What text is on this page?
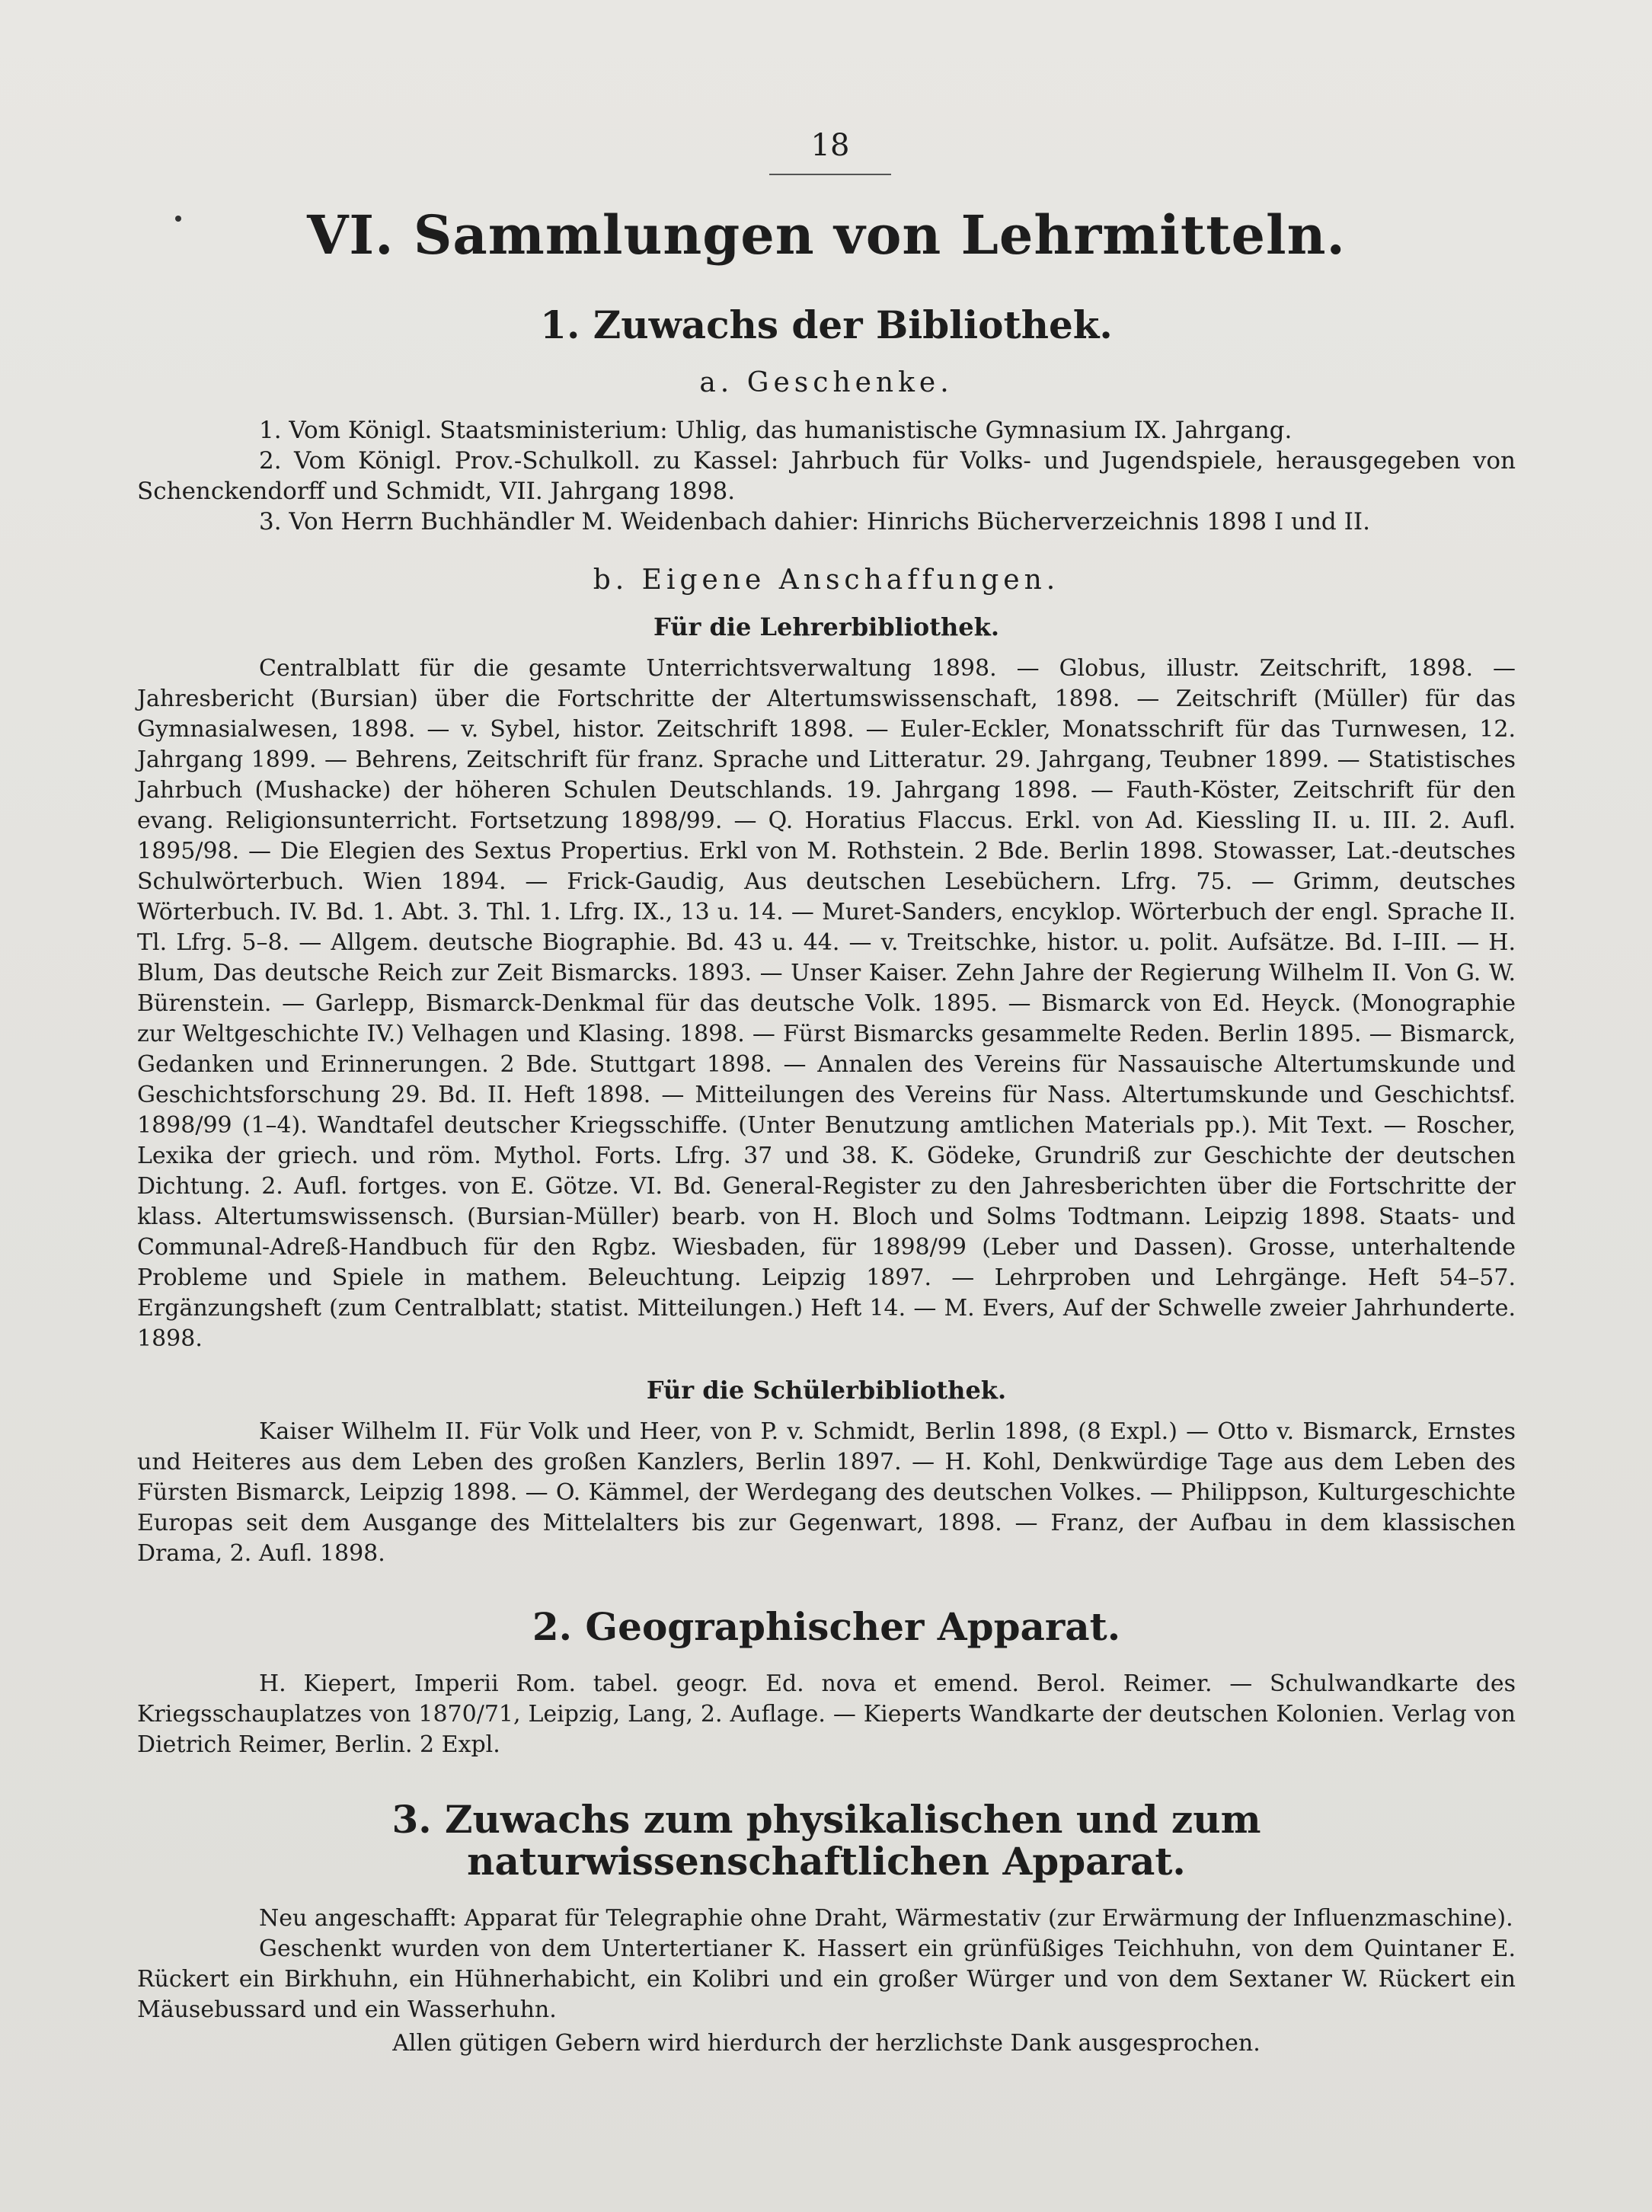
18
VI. Sammlungen von Lehrmitteln.
1. Zuwachs der Bibliothek.
a. Geschenke.
1. Vom Königl. Staatsministerium: Uhlig, das humanistische Gymnasium IX. Jahrgang.
2. Vom Königl. Prov.-Schulkoll. zu Kassel: Jahrbuch für Volks- und Jugendspiele, herausgegeben von Schenckendorff und Schmidt, VII. Jahrgang 1898.
3. Von Herrn Buchhändler M. Weidenbach dahier: Hinrichs Bücherverzeichnis 1898 I und II.
b. Eigene Anschaffungen.
Für die Lehrerbibliothek.

Centralblatt für die gesamte Unterrichtsverwaltung 1898. — Globus, illustr. Zeitschrift, 1898. — Jahresbericht (Bursian) über die Fortschritte der Altertumswissenschaft, 1898. — Zeitschrift (Müller) für das Gymnasialwesen, 1898. — v. Sybel, histor. Zeitschrift 1898. — Euler-Eckler, Monatsschrift für das Turnwesen, 12. Jahrgang 1899. — Behrens, Zeitschrift für franz. Sprache und Litteratur. 29. Jahrgang, Teubner 1899. — Statistisches Jahrbuch (Mushacke) der höheren Schulen Deutschlands. 19. Jahrgang 1898. — Fauth-Köster, Zeitschrift für den evang. Religionsunterricht. Fortsetzung 1898/99. — Q. Horatius Flaccus. Erkl. von Ad. Kiessling II. u. III. 2. Aufl. 1895/98. — Die Elegien des Sextus Propertius. Erkl von M. Rothstein. 2 Bde. Berlin 1898. Stowasser, Lat.-deutsches Schulwörterbuch. Wien 1894. — Frick-Gaudig, Aus deutschen Lesebüchern. Lfrg. 75. — Grimm, deutsches Wörterbuch. IV. Bd. 1. Abt. 3. Thl. 1. Lfrg. IX., 13 u. 14. — Muret-Sanders, encyklop. Wörterbuch der engl. Sprache II. Tl. Lfrg. 5–8. — Allgem. deutsche Biographie. Bd. 43 u. 44. — v. Treitschke, histor. u. polit. Aufsätze. Bd. I–III. — H. Blum, Das deutsche Reich zur Zeit Bismarcks. 1893. — Unser Kaiser. Zehn Jahre der Regierung Wilhelm II. Von G. W. Bürenstein. — Garlepp, Bismarck-Denkmal für das deutsche Volk. 1895. — Bismarck von Ed. Heyck. (Monographie zur Weltgeschichte IV.) Velhagen und Klasing. 1898. — Fürst Bismarcks gesammelte Reden. Berlin 1895. — Bismarck, Gedanken und Erinnerungen. 2 Bde. Stuttgart 1898. — Annalen des Vereins für Nassauische Altertumskunde und Geschichtsforschung 29. Bd. II. Heft 1898. — Mitteilungen des Vereins für Nass. Altertumskunde und Geschichtsf. 1898/99 (1–4). Wandtafel deutscher Kriegsschiffe. (Unter Benutzung amtlichen Materials pp.). Mit Text. — Roscher, Lexika der griech. und röm. Mythol. Forts. Lfrg. 37 und 38. K. Gödeke, Grundriß zur Geschichte der deutschen Dichtung. 2. Aufl. fortges. von E. Götze. VI. Bd. General-Register zu den Jahresberichten über die Fortschritte der klass. Altertumswissensch. (Bursian-Müller) bearb. von H. Bloch und Solms Todtmann. Leipzig 1898. Staats- und Communal-Adreß-Handbuch für den Rgbz. Wiesbaden, für 1898/99 (Leber und Dassen). Grosse, unterhaltende Probleme und Spiele in mathem. Beleuchtung. Leipzig 1897. — Lehrproben und Lehrgänge. Heft 54–57. Ergänzungsheft (zum Centralblatt; statist. Mitteilungen.) Heft 14. — M. Evers, Auf der Schwelle zweier Jahrhunderte. 1898.

Für die Schülerbibliothek.

Kaiser Wilhelm II. Für Volk und Heer, von P. v. Schmidt, Berlin 1898, (8 Expl.) — Otto v. Bismarck, Ernstes und Heiteres aus dem Leben des großen Kanzlers, Berlin 1897. — H. Kohl, Denkwürdige Tage aus dem Leben des Fürsten Bismarck, Leipzig 1898. — O. Kämmel, der Werdegang des deutschen Volkes. — Philippson, Kulturgeschichte Europas seit dem Ausgange des Mittelalters bis zur Gegenwart, 1898. — Franz, der Aufbau in dem klassischen Drama, 2. Aufl. 1898.

2. Geographischer Apparat.

H. Kiepert, Imperii Rom. tabel. geogr. Ed. nova et emend. Berol. Reimer. — Schulwandkarte des Kriegsschauplatzes von 1870/71, Leipzig, Lang, 2. Auflage. — Kieperts Wandkarte der deutschen Kolonien. Verlag von Dietrich Reimer, Berlin. 2 Expl.

3. Zuwachs zum physikalischen und zum naturwissenschaftlichen Apparat.

Neu angeschafft: Apparat für Telegraphie ohne Draht, Wärmestativ (zur Erwärmung der Influenzmaschine).

Geschenkt wurden von dem Untertertianer K. Hassert ein grünfüßiges Teichhuhn, von dem Quintaner E. Rückert ein Birkhuhn, ein Hühnerhabicht, ein Kolibri und ein großer Würger und von dem Sextaner W. Rückert ein Mäusebussard und ein Wasserhuhn.

Allen gütigen Gebern wird hierdurch der herzlichste Dank ausgesprochen.
